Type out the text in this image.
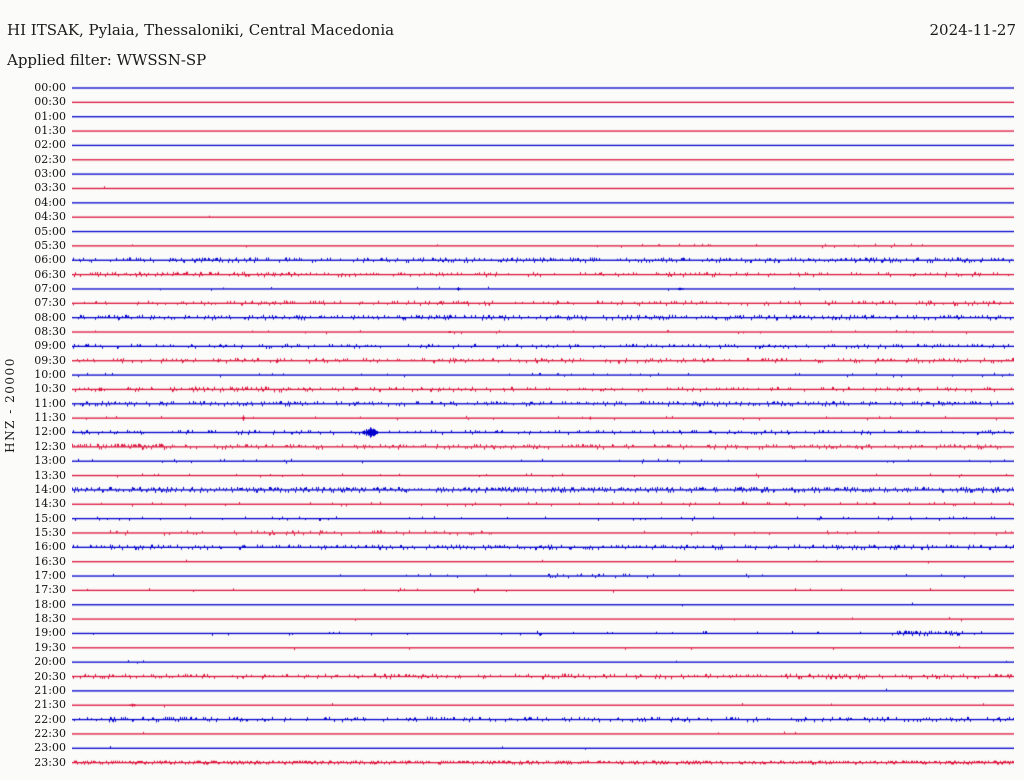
HI ITSAK, Pylaia, Thessaloniki, Central Macedonia	2024-11-27
Applied filter: WWSSN-SP
HNZ - 20000
00:00
00:30
01:00
01:30
02:00
02:30
03:00
03:30
04:00
04:30
05:00
05:30
06:00
06:30
07:00
07:30
08:00
08:30
09:00
09:30
10:00
10:30
11:00
11:30
12:00
12:30
13:00
13:30
14:00
14:30
15:00
15:30
16:00
16:30
17:00
17:30
18:00
18:30
19:00
19:30
20:00
20:30
21:00
21:30
22:00
22:30
23:00
23:30
